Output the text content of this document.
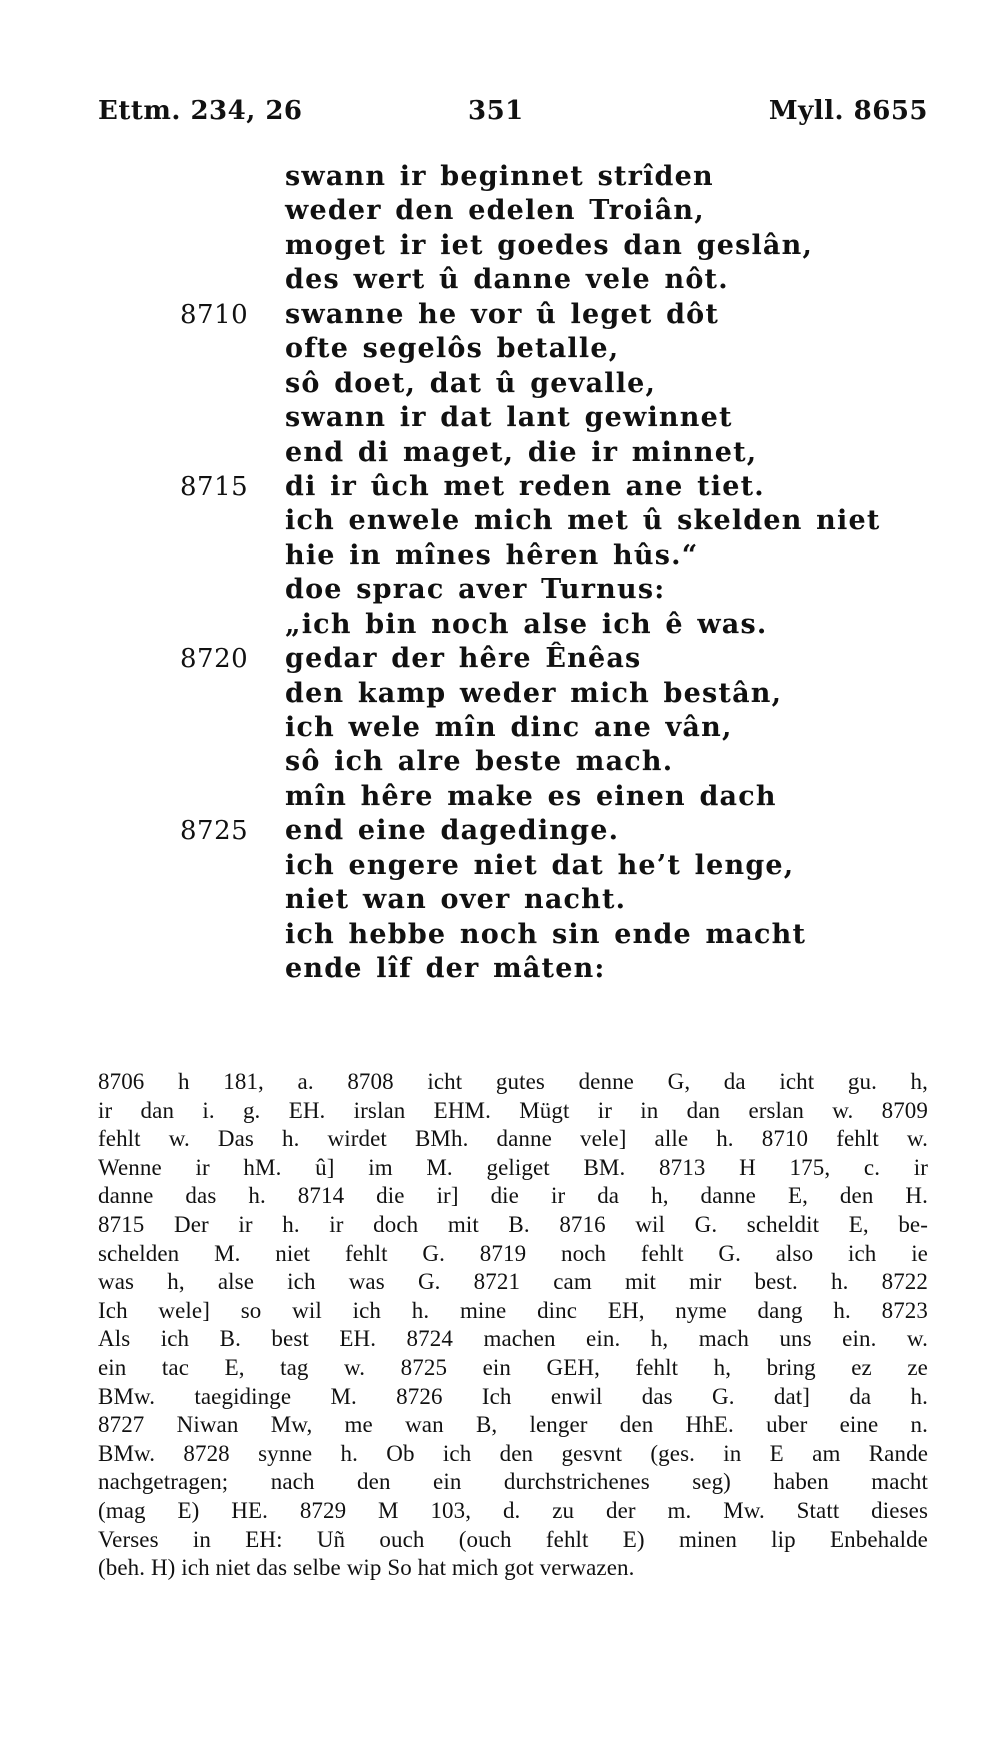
Ettm. 234, 26	351	Myll. 8655
swann ir beginnet strîden
weder den edelen Troiân,
moget ir iet goedes dan geslân,
des wert û danne vele nôt.
8710	swanne he vor û leget dôt
ofte segelôs betalle,
sô doet, dat û gevalle,
swann ir dat lant gewinnet
end di maget, die ir minnet,
8715	di ir ûch met reden ane tiet.
ich enwele mich met û skelden niet
hie in mînes hêren hûs.“
doe sprac aver Turnus:
„ich bin noch alse ich ê was.
8720	gedar der hêre Ênêas
den kamp weder mich bestân,
ich wele mîn dinc ane vân,
sô ich alre beste mach.
mîn hêre make es einen dach
8725	end eine dagedinge.
ich engere niet dat he’t lenge,
niet wan over nacht.
ich hebbe noch sin ende macht
ende lîf der mâten:
8706 h 181, a. 8708 icht gutes denne G, da icht gu. h,
ir dan i. g. EH. irslan EHM. Mügt ir in dan erslan w. 8709
fehlt w. Das h. wirdet BMh. danne vele] alle h. 8710 fehlt w.
Wenne ir hM. û] im M. geliget BM. 8713 H 175, c. ir
danne das h. 8714 die ir] die ir da h, danne E, den H.
8715 Der ir h. ir doch mit B. 8716 wil G. scheldit E, be-
schelden M. niet fehlt G. 8719 noch fehlt G. also ich ie
was h, alse ich was G. 8721 cam mit mir best. h. 8722
Ich wele] so wil ich h. mine dinc EH, nyme dang h. 8723
Als ich B. best EH. 8724 machen ein. h, mach uns ein. w.
ein tac E, tag w. 8725 ein GEH, fehlt h, bring ez ze
BMw. taegidinge M. 8726 Ich enwil das G. dat] da h.
8727 Niwan Mw, me wan B, lenger den HhE. uber eine n.
BMw. 8728 synne h. Ob ich den gesvnt (ges. in E am Rande
nachgetragen; nach den ein durchstrichenes seg) haben macht
(mag E) HE. 8729 M 103, d. zu der m. Mw. Statt dieses
Verses in EH: Uñ ouch (ouch fehlt E) minen lip Enbehalde
(beh. H) ich niet das selbe wip So hat mich got verwazen.
